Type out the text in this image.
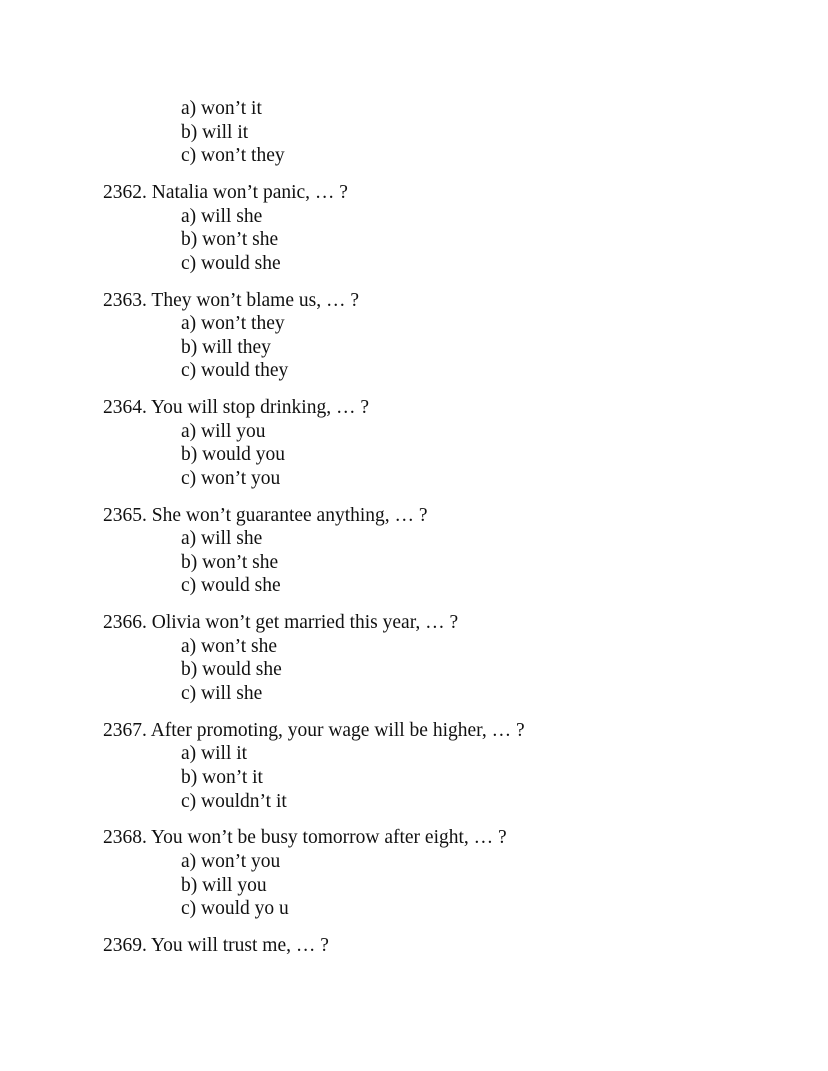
a) won’t it
b) will it
c) won’t they
2362. Natalia won’t panic, … ?
a) will she
b) won’t she
c) would she
2363. They won’t blame us, … ?
a) won’t they
b) will they
c) would they
2364. You will stop drinking, … ?
a) will you
b) would you
c) won’t you
2365. She won’t guarantee anything, … ?
a) will she
b) won’t she
c) would she
2366. Olivia won’t get married this year, … ?
a) won’t she
b) would she
c) will she
2367. After promoting, your wage will be higher, … ?
a) will it
b) won’t it
c) wouldn’t it
2368. You won’t be busy tomorrow after eight, … ?
a) won’t you
b) will you
c) would yo u
2369. You will trust me, … ?
